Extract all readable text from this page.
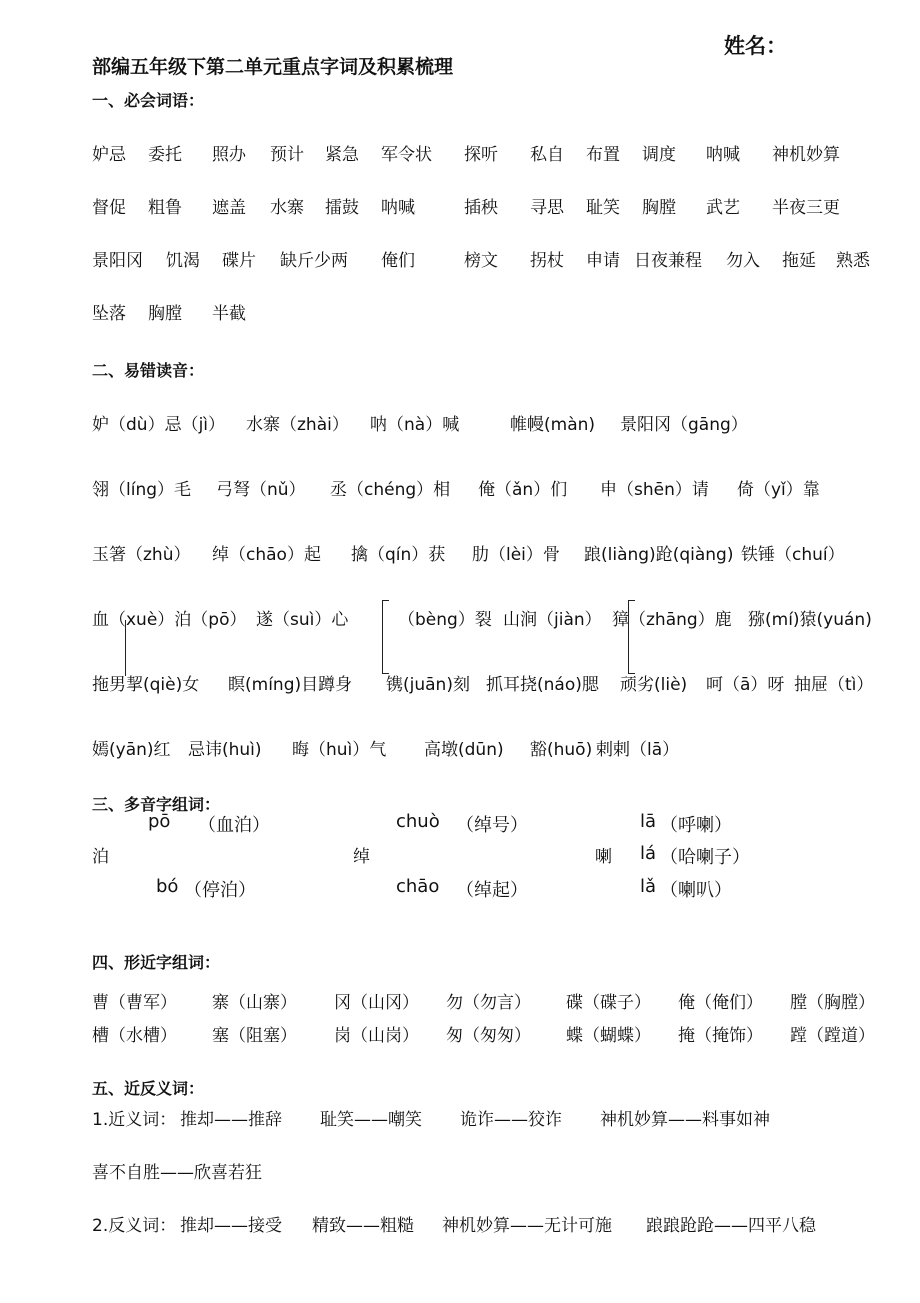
姓名：
部编五年级下第二单元重点字词及积累梳理
一、必会词语：
妒忌 委托 照办 预计 紧急 军令状 探听 私自 布置 调度 呐喊 神机妙算
督促 粗鲁 遮盖 水寨 擂鼓 呐喊	插秧 寻思 耻笑 胸膛 武艺 半夜三更
景阳冈 饥渴 碟片 缺斤少两 俺们	榜文 拐杖 申请 日夜兼程 勿入 拖延 熟悉
坠落 胸膛 半截
二、易错读音：
妒（dù）忌（jì） 水寨（zhài） 呐（nà）喊	帷幔(màn) 景阳冈（gāng）
翎（líng）毛 弓弩（nǔ） 丞（chéng）相 俺（ǎn）们 申（shēn）请 倚（yǐ）靠
玉箸（zhù） 绰（chāo）起 擒（qín）获 肋（lèi）骨 踉(liàng)跄(qiàng) 铁锤（chuí）
血（xuè）泊（pō） 遂（suì）心	（bèng）裂 山涧（jiàn） 獐（zhāng）鹿 猕(mí)猿(yuán)
拖男挈(qiè)女 瞑(míng)目蹲身 镌(juān)刻 抓耳挠(náo)腮 顽劣(liè) 呵（ā）呀 抽屉（tì）
嫣(yān)红 忌讳(huì) 晦（huì）气 高墩(dūn) 豁(huō) 剌剌（lā）
三、多音字组词：
泊
pō （血泊）
bó （停泊）
绰
chuò （绰号）
chāo （绰起）
喇
lā （呼喇）
lá （哈喇子）
lǎ （喇叭）
四、形近字组词：
曹（曹军） 寨（山寨） 冈（山冈） 勿（勿言） 碟（碟子） 俺（俺们） 膛（胸膛）
槽（水槽） 塞（阻塞） 岗（山岗） 匆（匆匆） 蝶（蝴蝶） 掩（掩饰） 蹚（蹚道）
五、近反义词：
1.近义词： 推却——推辞 耻笑——嘲笑 诡诈——狡诈 神机妙算——料事如神
喜不自胜——欣喜若狂
2.反义词： 推却——接受 精致——粗糙 神机妙算——无计可施 踉踉跄跄——四平八稳
